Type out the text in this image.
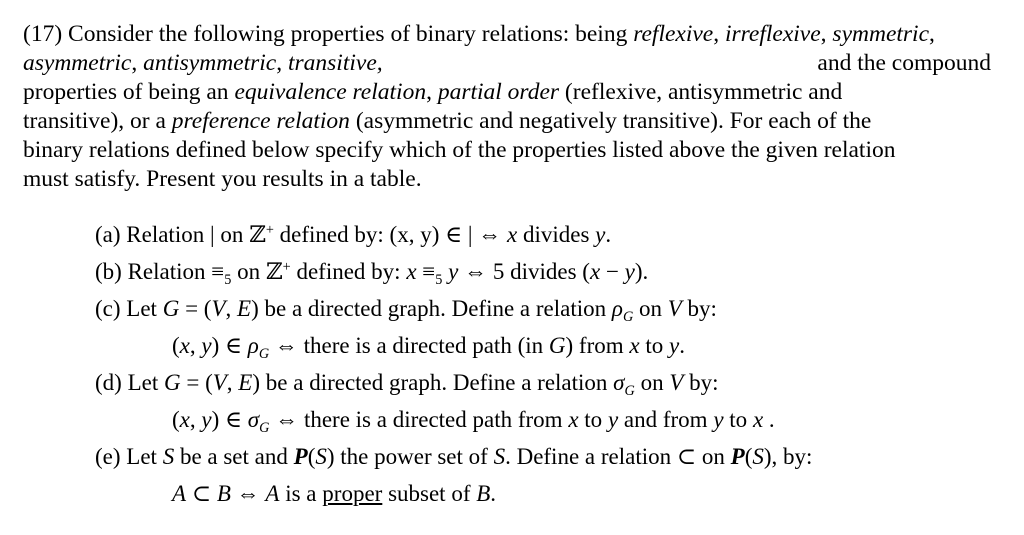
(17) Consider the following properties of binary relations: being reflexive, irreflexive, symmetric,
asymmetric, antisymmetric, transitive,	and the compound
properties of being an equivalence relation, partial order (reflexive, antisymmetric and
transitive), or a preference relation (asymmetric and negatively transitive). For each of the
binary relations defined below specify which of the properties listed above the given relation
must satisfy. Present you results in a table.
(a) Relation | on ℤ+ defined by: (x, y) ∈ | ⇔ x divides y.
(b) Relation $\equiv_5$ on ℤ+ defined by: $x \equiv_5$ y ⇔ 5 divides (x − y).
(c) Let G = (V, E) be a directed graph. Define a relation $\rho_G$ on V by:
(x, y) ∈ $\rho_G$ ⇔ there is a directed path (in G) from x to y.
(d) Let G = (V, E) be a directed graph. Define a relation $\sigma_G$ on V by:
(x, y) ∈ $\sigma_G$ ⇔ there is a directed path from x to y and from y to x .
(e) Let S be a set and P(S) the power set of S. Define a relation ⊂ on P(S), by:
A ⊂ B ⇔ A is a proper subset of B.
